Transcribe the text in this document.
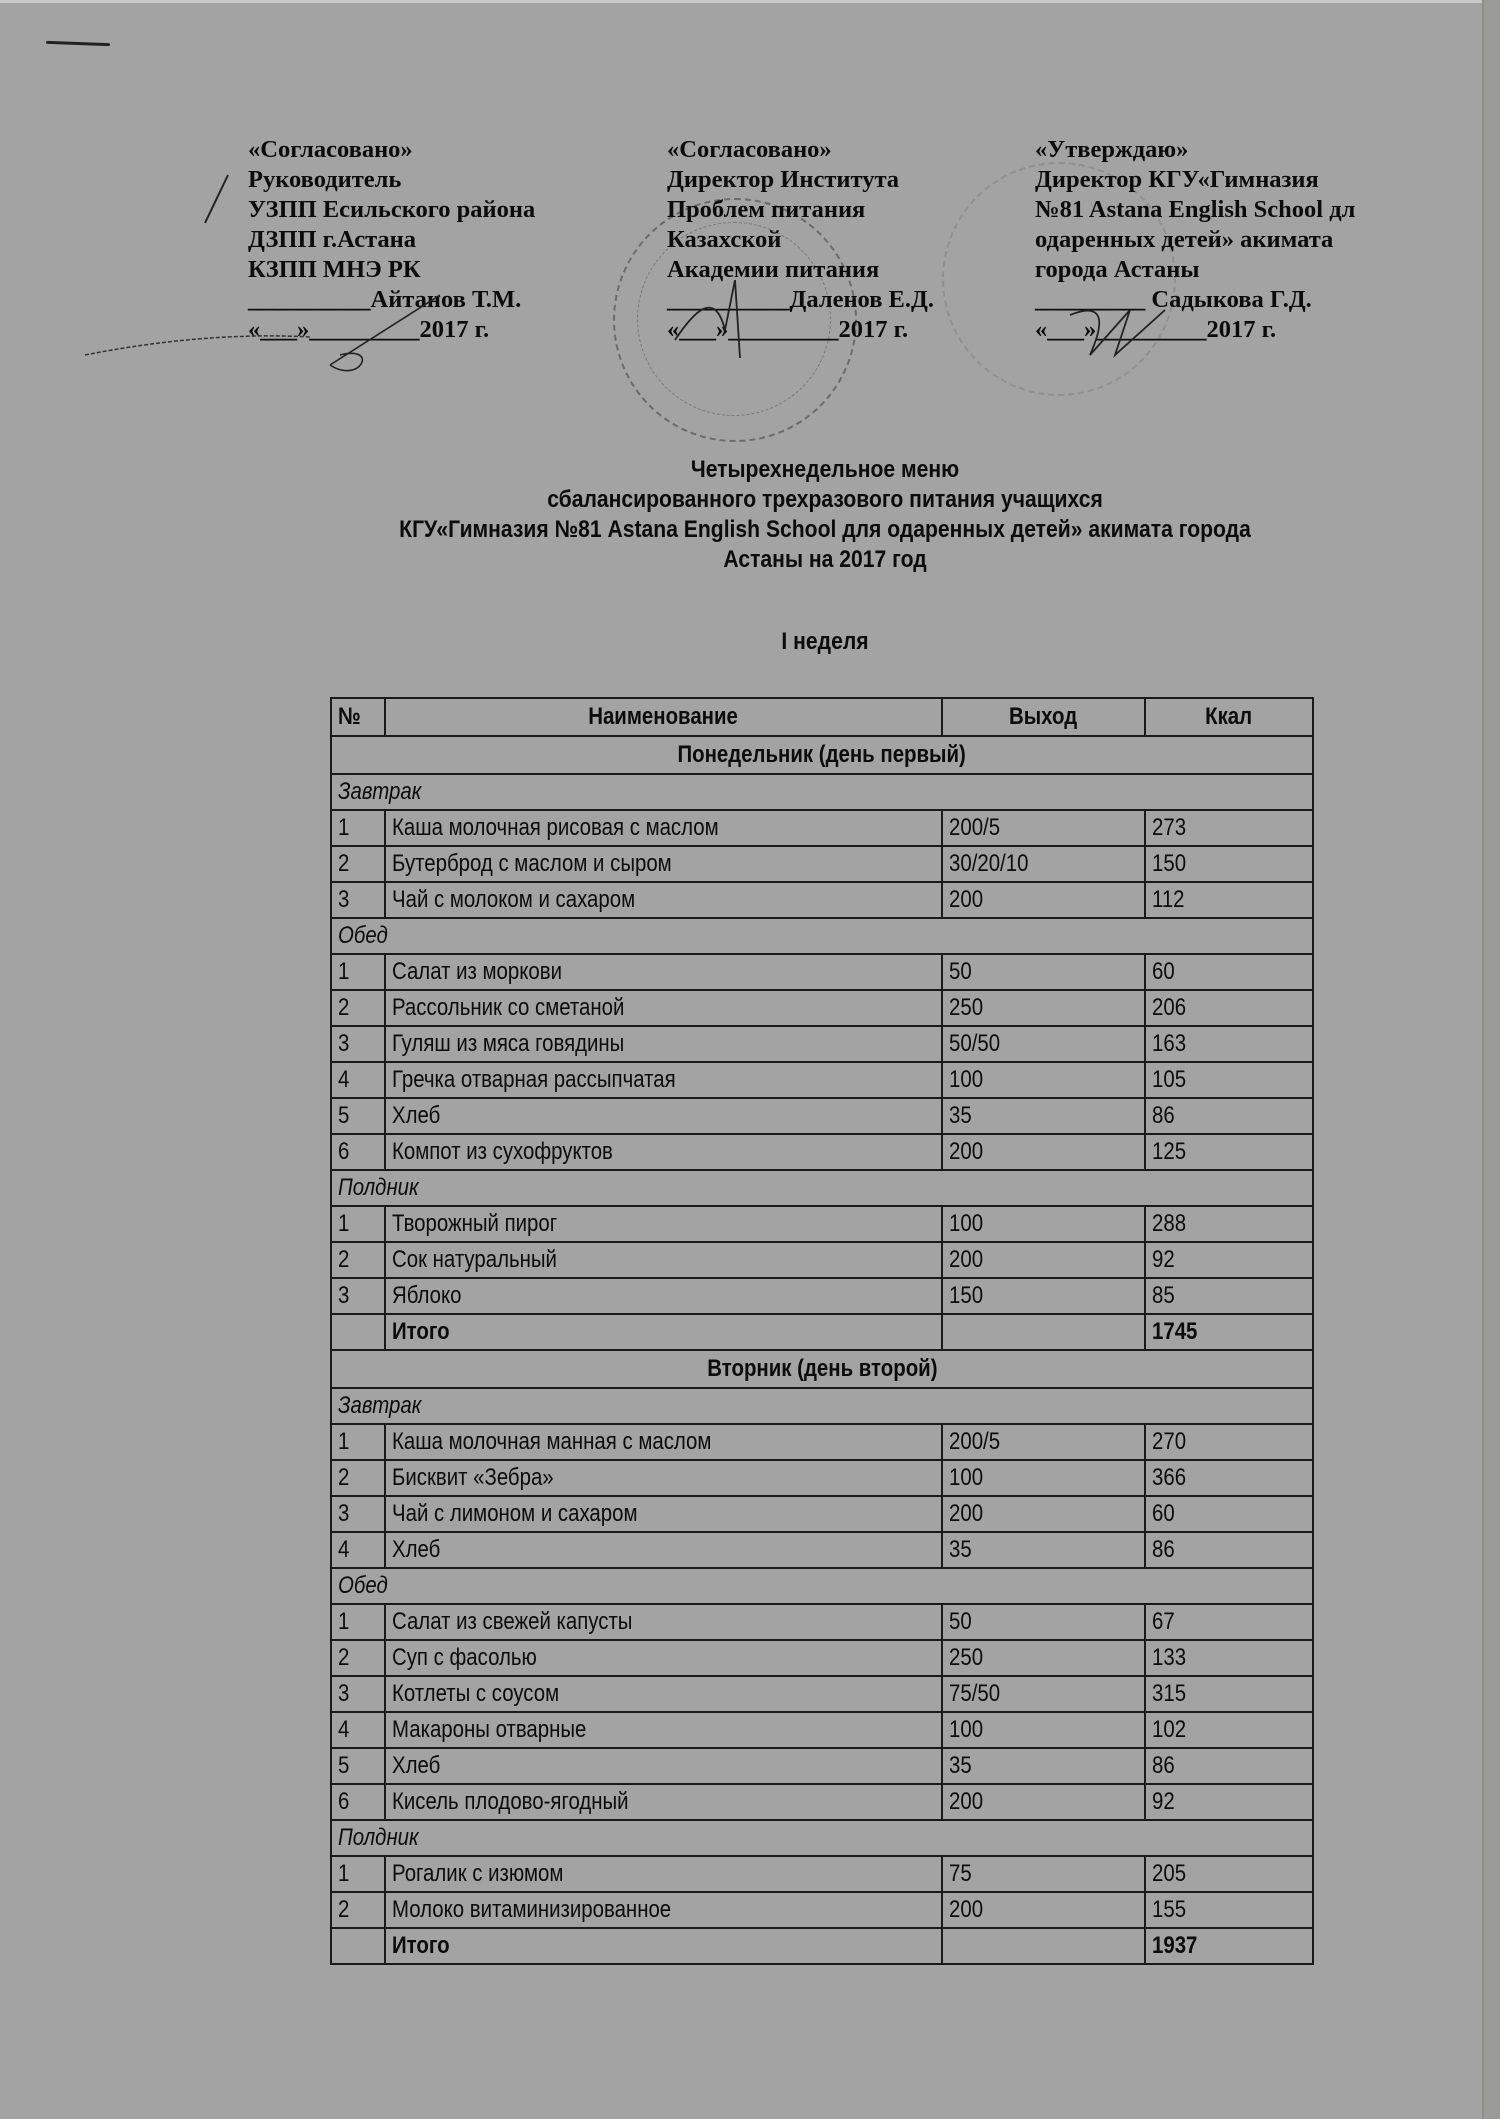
«Согласовано»
Руководитель
УЗПП Есильского района
ДЗПП г.Астана
КЗПП МНЭ РК
__________Айтанов Т.М.
«___»_________2017 г.
«Согласовано»
Директор Института
Проблем питания
Казахской
Академии питания
__________Даленов Е.Д.
«___»_________2017 г.
«Утверждаю»
Директор КГУ«Гимназия
№81 Astana English School дл
одаренных детей» акимата
города Астаны
_________ Садыкова Г.Д.
«___»_________2017 г.
Четырехнедельное меню
сбалансированного трехразового питания учащихся
КГУ«Гимназия №81 Astana English School для одаренных детей» акимата города
Астаны на 2017 год
I неделя
№	Наименование	Выход	Ккал
Понедельник (день первый)			
Завтрак			
1	Каша молочная рисовая с маслом	200/5	273
2	Бутерброд с маслом и сыром	30/20/10	150
3	Чай с молоком и сахаром	200	112
Обед			
1	Салат из моркови	50	60
2	Рассольник со сметаной	250	206
3	Гуляш из мяса говядины	50/50	163
4	Гречка отварная рассыпчатая	100	105
5	Хлеб	35	86
6	Компот из сухофруктов	200	125
Полдник			
1	Творожный пирог	100	288
2	Сок натуральный	200	92
3	Яблоко	150	85
	Итого		1745
Вторник (день второй)			
Завтрак			
1	Каша молочная манная с маслом	200/5	270
2	Бисквит «Зебра»	100	366
3	Чай с лимоном и сахаром	200	60
4	Хлеб	35	86
Обед			
1	Салат из свежей капусты	50	67
2	Суп с фасолью	250	133
3	Котлеты с соусом	75/50	315
4	Макароны отварные	100	102
5	Хлеб	35	86
6	Кисель плодово-ягодный	200	92
Полдник			
1	Рогалик с изюмом	75	205
2	Молоко витаминизированное	200	155
	Итого		1937
